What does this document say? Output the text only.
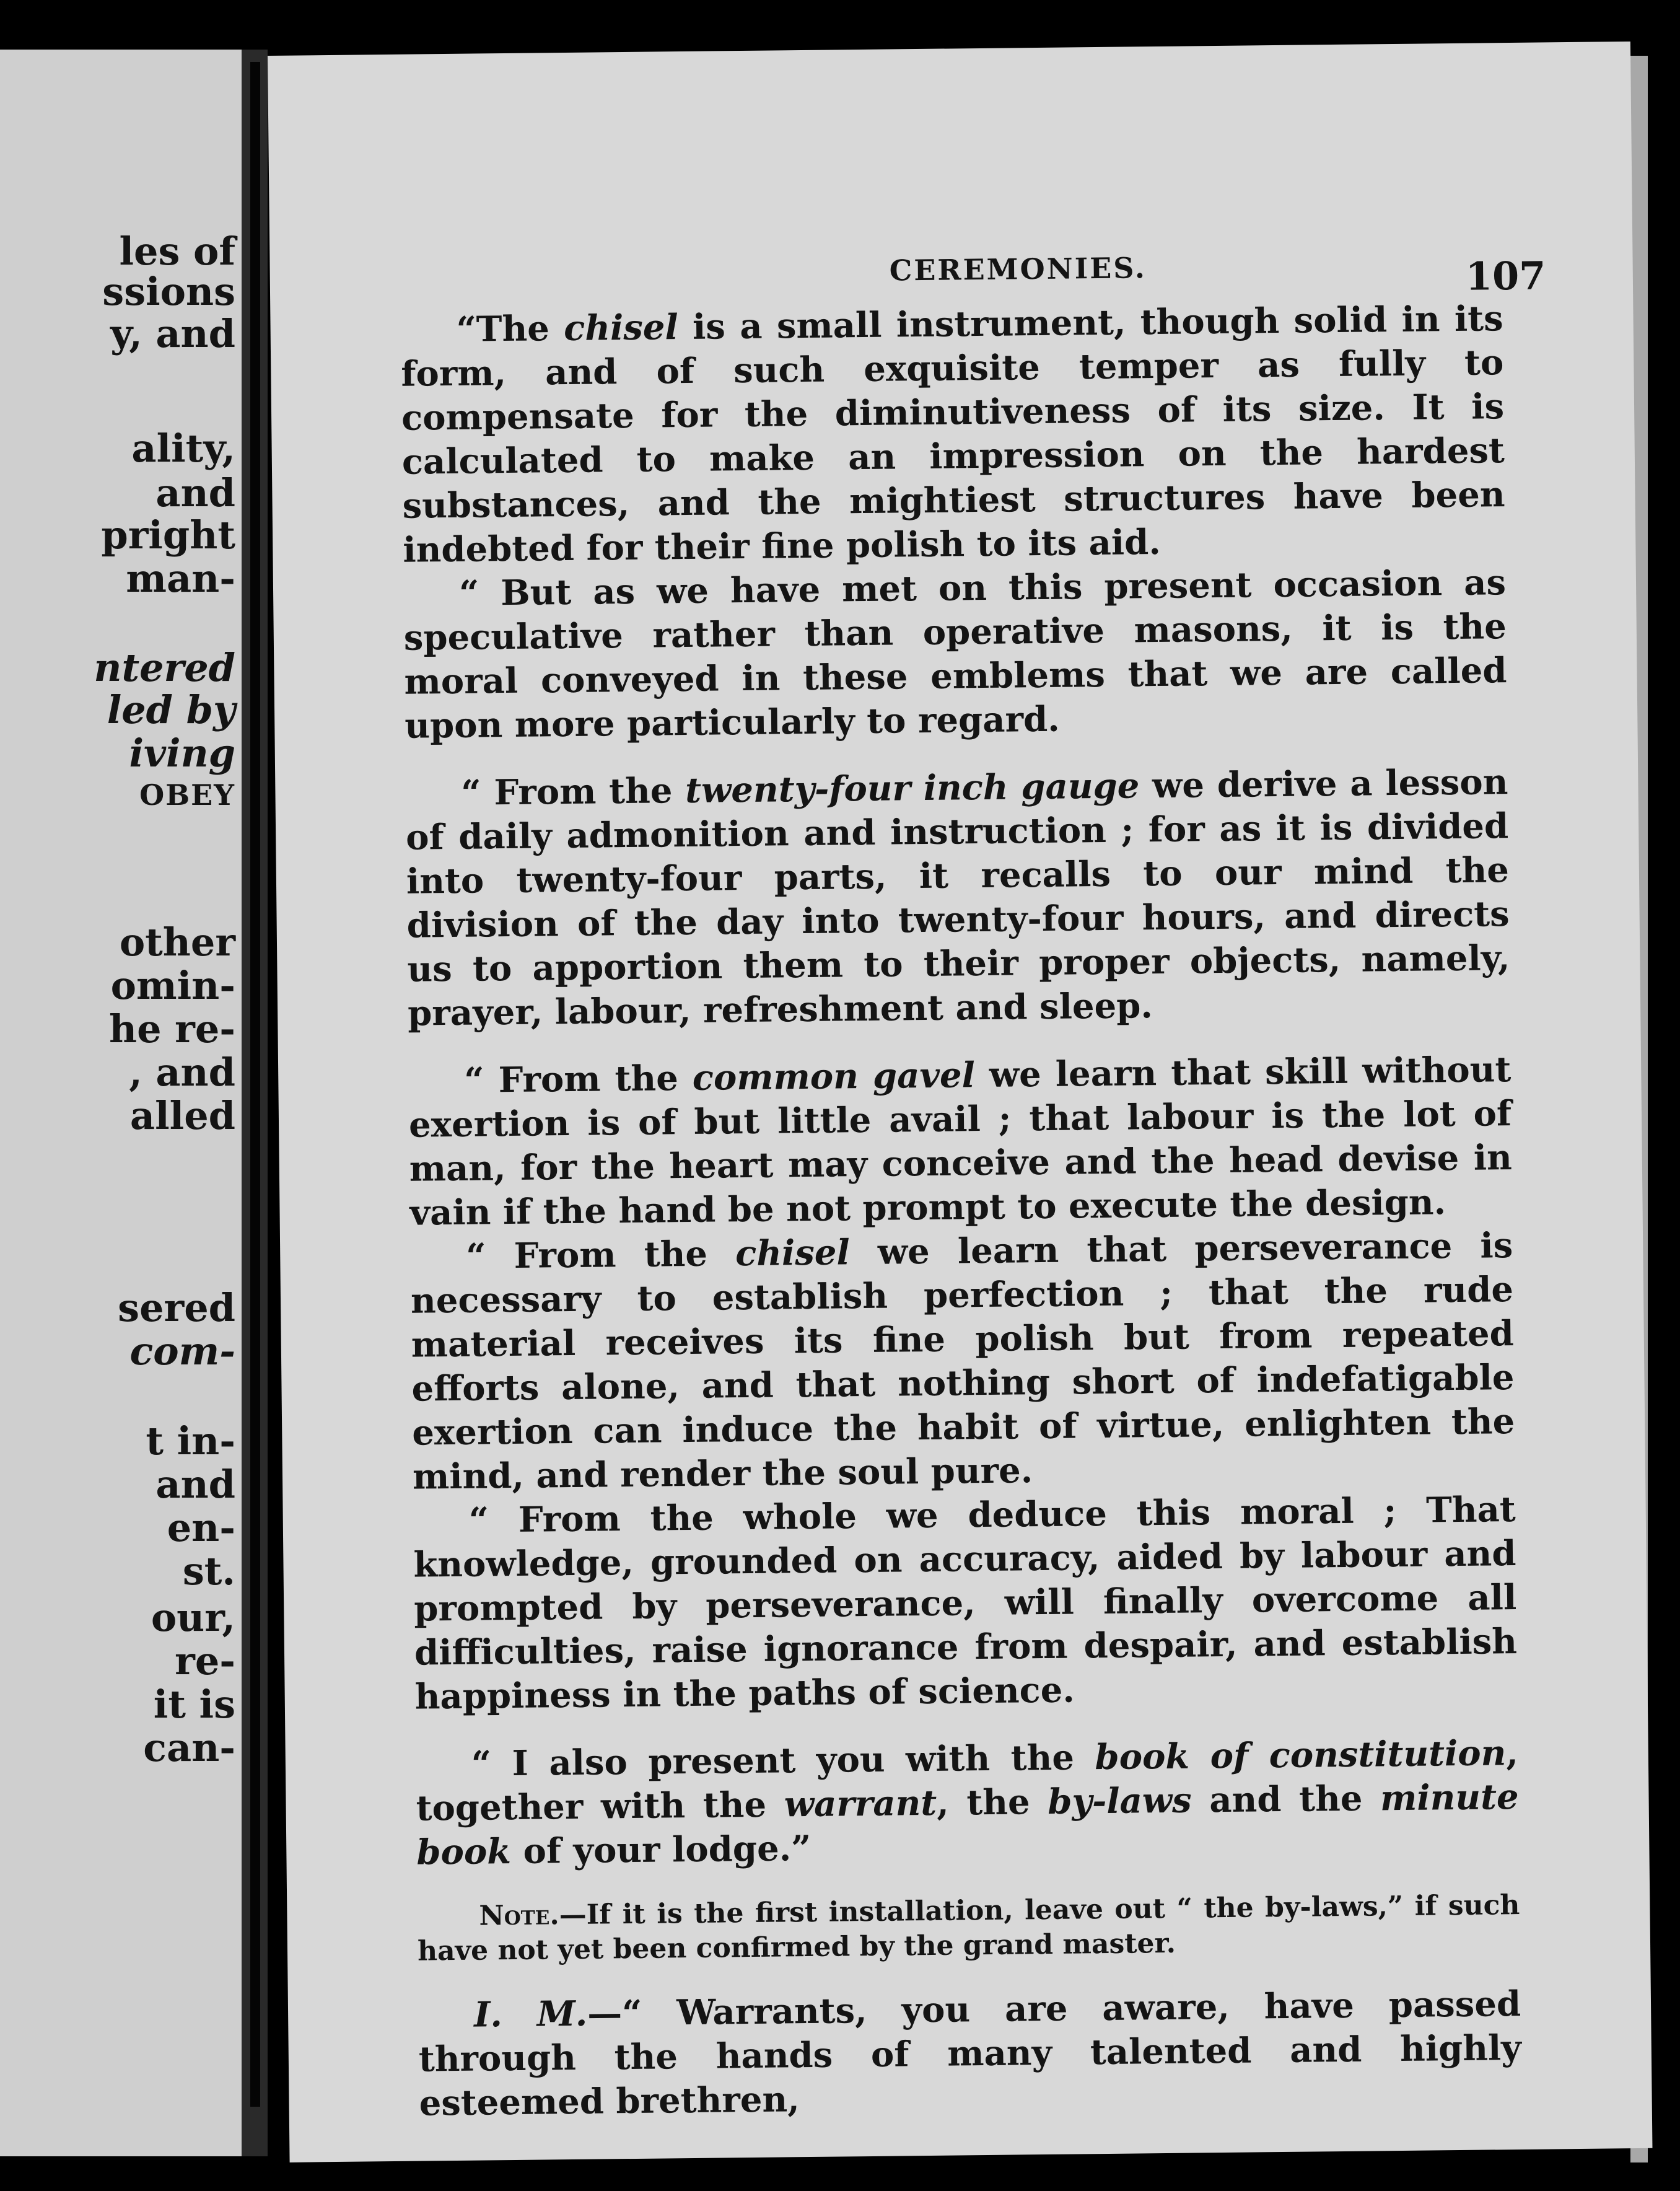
les of
ssions
y, and
ality,
and
pright
man-
ntered
led by
iving
OBEY
other
omin-
he re-
, and
alled
sered
com-
t in-
and
en-
st.
our,
re-
it is
can-
CEREMONIES.	107

“The chisel is a small instrument, though solid in its form, and of such exquisite temper as fully to compensate for the diminutiveness of its size. It is calculated to make an impression on the hardest substances, and the mightiest structures have been indebted for their fine polish to its aid.

“ But as we have met on this present occasion as speculative rather than operative masons, it is the moral conveyed in these emblems that we are called upon more particularly to regard.

“ From the twenty-four inch gauge we derive a lesson of daily admonition and instruction ; for as it is divided into twenty-four parts, it recalls to our mind the division of the day into twenty-four hours, and directs us to apportion them to their proper objects, namely, prayer, labour, refreshment and sleep.

“ From the common gavel we learn that skill without exertion is of but little avail ; that labour is the lot of man, for the heart may conceive and the head devise in vain if the hand be not prompt to execute the design.

“ From the chisel we learn that perseverance is necessary to establish perfection ; that the rude material receives its fine polish but from repeated efforts alone, and that nothing short of indefatigable exertion can induce the habit of virtue, enlighten the mind, and render the soul pure.

“ From the whole we deduce this moral ; That knowledge, grounded on accuracy, aided by labour and prompted by perseverance, will finally overcome all difficulties, raise ignorance from despair, and establish happiness in the paths of science.

“ I also present you with the book of constitution, together with the warrant, the by-laws and the minute book of your lodge.”

Note.—If it is the first installation, leave out “ the by-laws,” if such have not yet been confirmed by the grand master.

I. M.—“ Warrants, you are aware, have passed through the hands of many talented and highly esteemed brethren,
